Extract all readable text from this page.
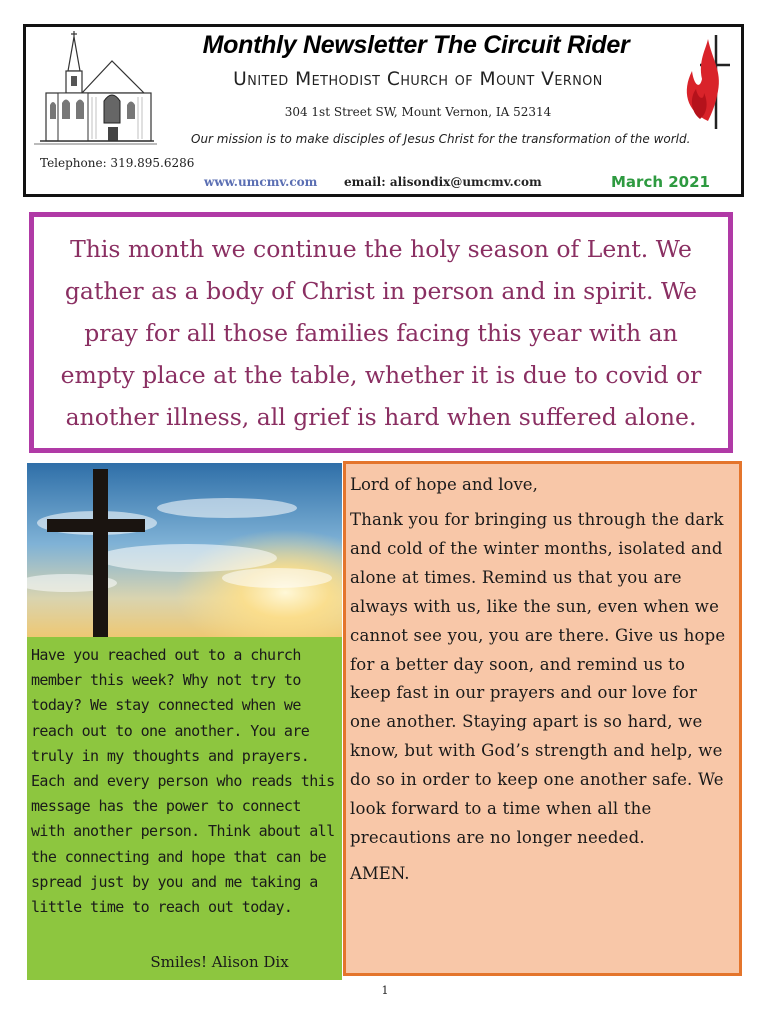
Monthly Newsletter The Circuit Rider
United Methodist Church of Mount Vernon
304 1st Street SW, Mount Vernon, IA 52314
Our mission is to make disciples of Jesus Christ for the transformation of the world.
Telephone: 319.895.6286
www.umcmv.com email: alisondix@umcmv.com	March 2021

This month we continue the holy season of Lent. We gather as a body of Christ in person and in spirit. We pray for all those families facing this year with an empty place at the table, whether it is due to covid or another illness, all grief is hard when suffered alone.

Have you reached out to a church member this week? Why not try to today? We stay connected when we reach out to one another. You are truly in my thoughts and prayers. Each and every person who reads this message has the power to connect with another person. Think about all the connecting and hope that can be spread just by you and me taking a little time to reach out today.

Smiles! Alison Dix

Lord of hope and love,

Thank you for bringing us through the dark and cold of the winter months, isolated and alone at times. Remind us that you are always with us, like the sun, even when we cannot see you, you are there. Give us hope for a better day soon, and remind us to keep fast in our prayers and our love for one another. Staying apart is so hard, we know, but with God’s strength and help, we do so in order to keep one another safe. We look forward to a time when all the precautions are no longer needed.

AMEN.

1
